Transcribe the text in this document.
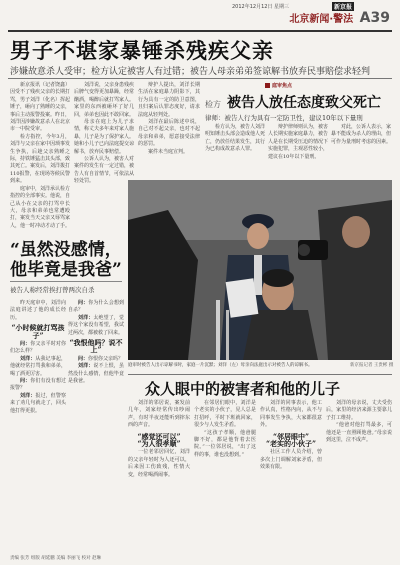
2012年12月12日 星期三	新京报
北京新闻·警法 A39
男子不堪家暴锤杀残疾父亲
涉嫌故意杀人受审；检方认定被害人有过错；被告人母亲弟弟签谅解书放弃民事赔偿求轻判

新京报讯（记者饶鑫）因受不了残疾父亲的长期打骂，男子刘洋（化名）挥起锤子，砸向了熟睡的父亲，事后主动报警投案。昨日，刘洋因涉嫌故意杀人在北京市一中院受审。

检方指控，今年3月，刘洋与父亲在家中因琐事发生争执，后趁父亲熟睡之际，持铁锤猛击其头部，致其死亡。案发后，刘洋拨打110报警，在现场等候民警到来。

庭审中，刘洋承认检方指控的全部事实。他说，自己从小在父亲的打骂中长大，母亲和弟弟也常遭殴打，案发当天父亲又辱骂家人，他一时冲动才动了手。

刘洋说，父亲身患残疾后脾气变得更加暴躁，经常酗酒，喝醉后就打骂家人。家里的东西被砸坏了好几回，弟弟也因此不敢回家。

母亲在庭上为儿子求情，称丈夫多年来对家人施暴，儿子是为了保护家人。她和小儿子已向法庭提交谅解书，放弃民事赔偿。

公诉人认为，被害人对案件的发生有一定过错，被告人有自首情节，可依法从轻处罚。

辩护人提出，刘洋长期生活在家庭暴力阴影下，其行为具有一定的防卫意图，且归案后认罪态度好，请求法庭从轻判处。

刘洋在最后陈述中说，自己对不起父亲，也对不起母亲和弟弟，愿意接受法律的惩罚。

案件未当庭宣判。

庭审焦点
检方 被告人放任态度致父死亡
律师：被告人行为具有一定防卫性，建议10年以下量刑

检方认为，被告人刘洋明知锤击头部会造成他人死亡，仍放任结果发生，其行为已构成故意杀人罪。

辩护律师则认为，被害人长期实施家庭暴力，被告人是在长期受压迫的情况下实施犯罪，主观恶性较小，建议在10年以下量刑。

对此，公诉人表示，家暴不能成为杀人的理由，但可作为量刑时考虑的因素。

“虽然没感情，
他毕竟是我爸”
被告人称经常挨打曾两次自杀

昨天庭审中，刘洋向法庭讲述了他的成长经历。

“小时候就打骂孩子”

问：你父亲平时对你们怎么样？

刘洋：从我记事起，他就经常打骂我和弟弟，喝了酒更厉害。

问：你们有没有想过报警？

刘洋：报过，但警察来了劝几句就走了，回头他打得更狠。

问：你为什么会想到自杀？

刘洋：太绝望了，觉得这个家没有希望，我试过两次，都被救了回来。

“我恨他吗？说不上”

问：你恨你父亲吗？

刘洋：说不上恨，虽然没什么感情，但他毕竟是我爸。

庭审时被告人出示谅解书时，家庭一片沉默；刘洋（左）母亲向法庭出示对被告人的谅解书。	新京报记者 王贵彬 摄
众人眼中的被害者和他的儿子

刘洋的邻居说，案发前几年，刘家经常传出吵闹声，有时半夜还能听到摔东西的声音。

“感觉还可以”

“为人很孝顺”

一位老邻居回忆，刘洋的父亲年轻时为人还可以，后来因工伤致残，性情大变，经常喝酒闹事。

在邻居们眼中，刘洋是个老实的小伙子，见人总是打招呼，平时下班就回家，很少与人发生矛盾。

“这孩子孝顺，他爸腿脚不好，都是他背着去医院。”一位邻居说，“出了这样的事，谁也没想到。”

刘洋的同事表示，他工作认真，性格内向，从不与同事发生争执，大家都很意外。

“邻居眼中”

“老实的小伙子”

社区工作人员介绍，曾多次上门调解刘家矛盾，但效果有限。

刘洋的母亲说，丈夫受伤后，家里的经济来源主要靠儿子打工维持。

“他爸对他打骂最多，可他还是一直照顾他爸。”母亲说到这里，泣不成声。

责编 张芳 组版 胡延鹏 美编 李丽飞 校对 赵琳
